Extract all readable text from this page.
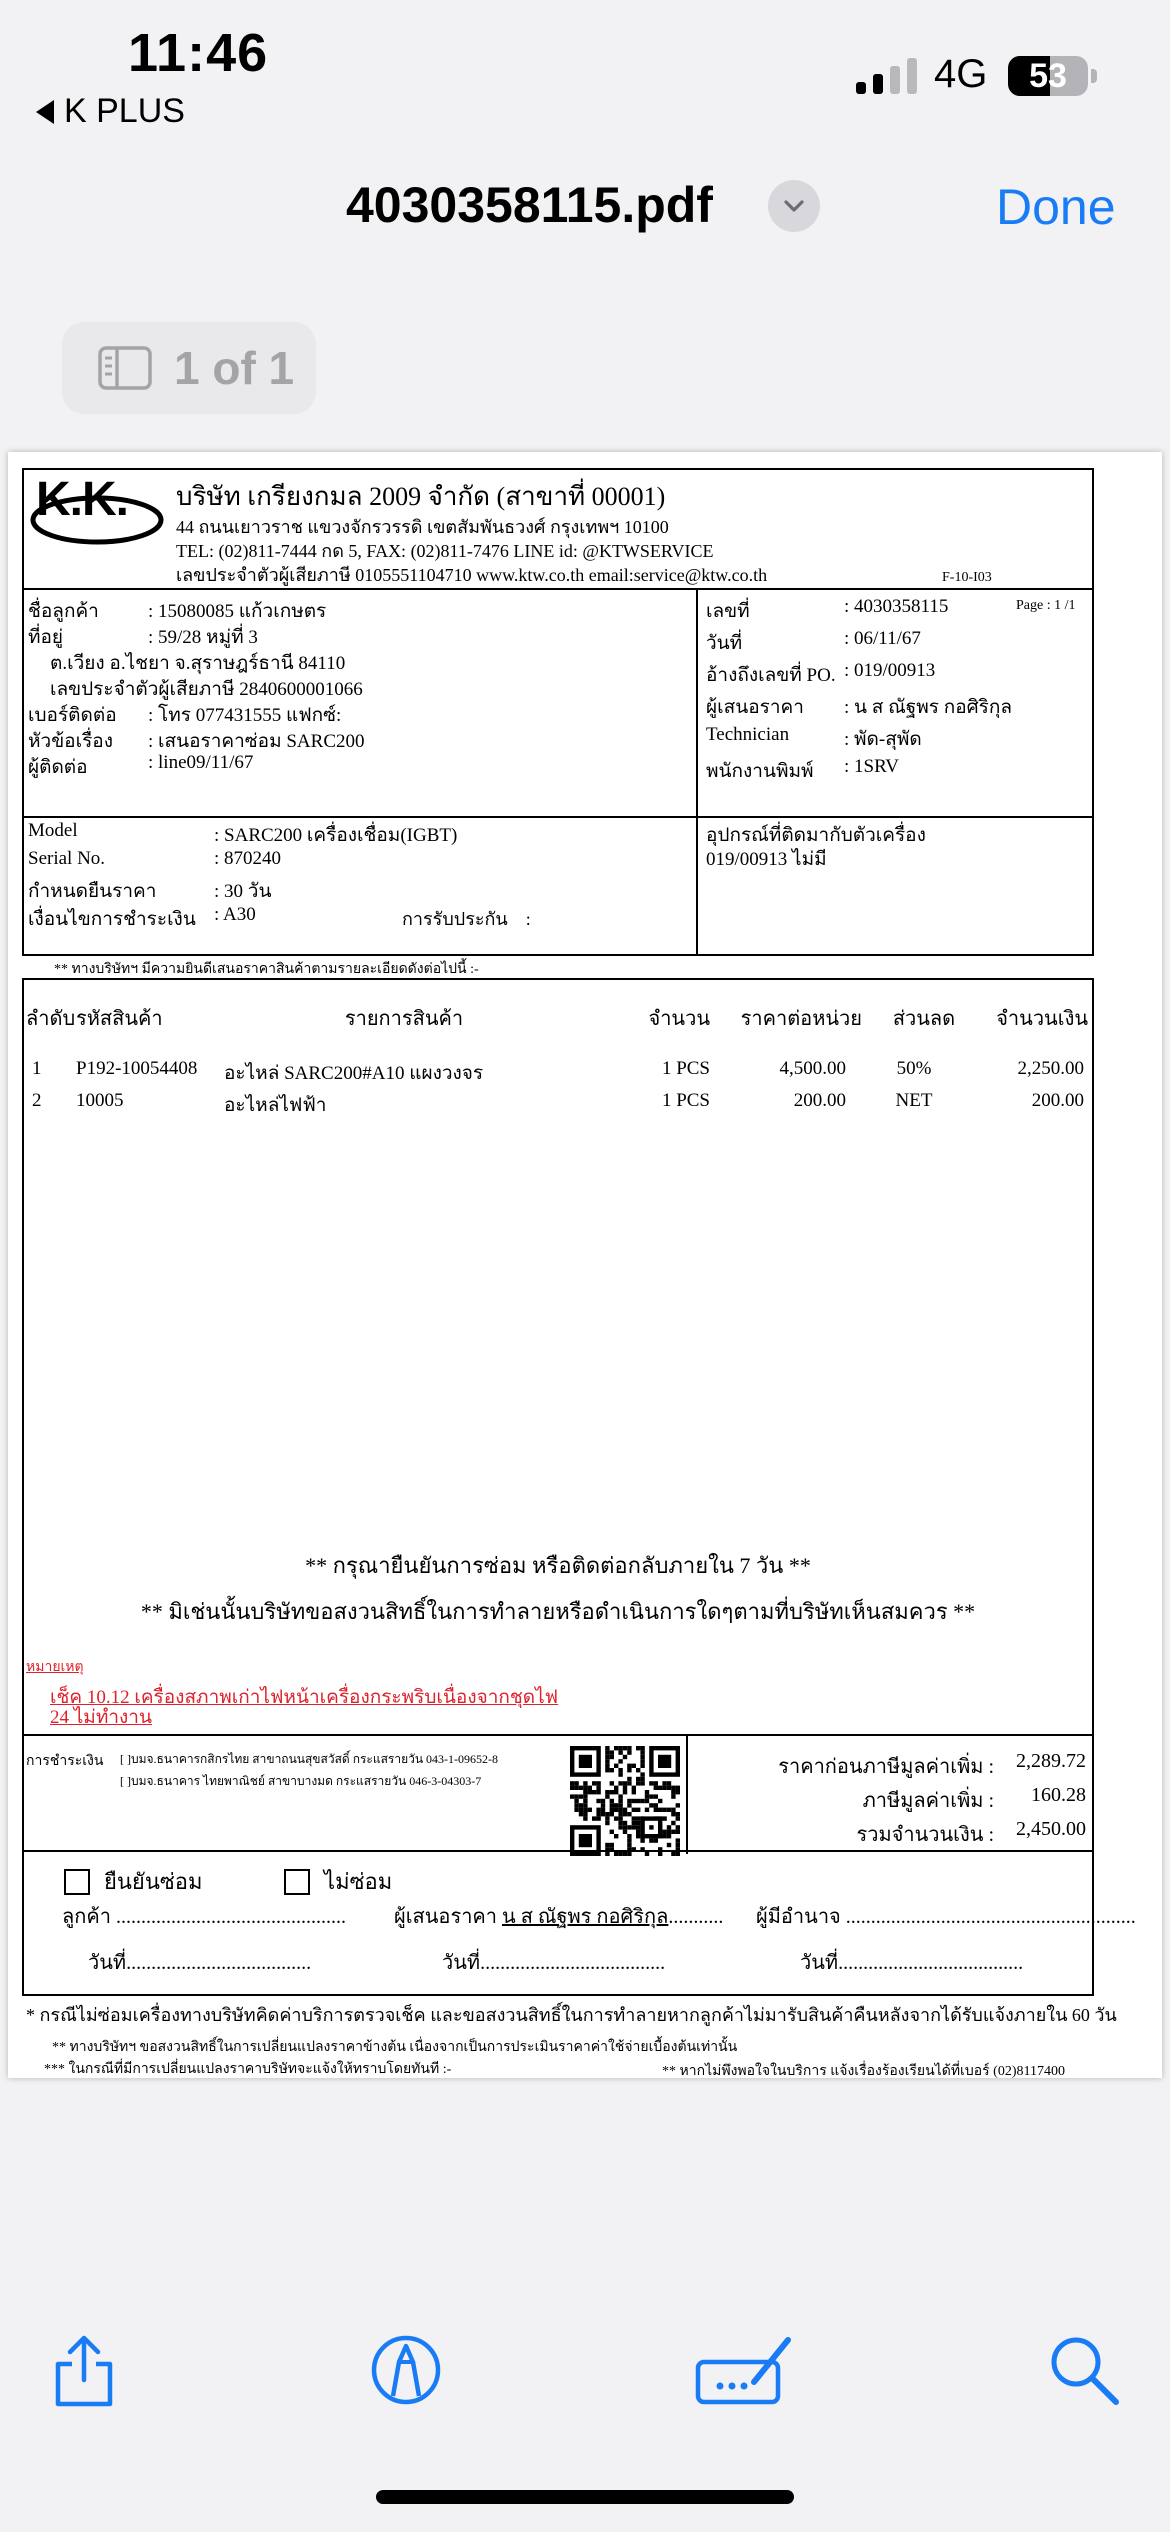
11:46
K PLUS
4G	53
4030358115.pdf	Done
1 of 1
K.K. บริษัท เกรียงกมล 2009 จำกัด (สาขาที่ 00001)
44 ถนนเยาวราช แขวงจักรวรรดิ เขตสัมพันธวงศ์ กรุงเทพฯ 10100
TEL: (02)811-7444 กด 5, FAX: (02)811-7476 LINE id: @KTWSERVICE
เลขประจำตัวผู้เสียภาษี 0105551104710 www.ktw.co.th email:service@ktw.co.th	F-10-I03
ชื่อลูกค้า	: 15080085 แก้วเกษตร
ที่อยู่	: 59/28 หมู่ที่ 3
ต.เวียง อ.ไชยา จ.สุราษฎร์ธานี 84110
เลขประจำตัวผู้เสียภาษี 2840600001066
เบอร์ติดต่อ : โทร 077431555 แฟกซ์:
หัวข้อเรื่อง : เสนอราคาซ่อม SARC200
ผู้ติดต่อ	: line09/11/67
Page : 1 /1
เลขที่	: 4030358115
วันที่	: 06/11/67
อ้างถึงเลขที่ PO. : 019/00913
ผู้เสนอราคา : น ส ณัฐพร กอศิริกุล
Technician	: พัด-สุพัด
พนักงานพิมพ์ : 1SRV
Model	: SARC200 เครื่องเชื่อม(IGBT)
Serial No.	: 870240
กำหนดยืนราคา	: 30 วัน
เงื่อนไขการชำระเงิน : A30	การรับประกัน :
อุปกรณ์ที่ติดมากับตัวเครื่อง
019/00913 ไม่มี
** ทางบริษัทฯ มีความยินดีเสนอราคาสินค้าตามรายละเอียดดังต่อไปนี้ :-
ลำดับ รหัสสินค้า	รายการสินค้า	จำนวน	ราคาต่อหน่วย	ส่วนลด	จำนวนเงิน
1	P192-10054408	อะไหล่ SARC200#A10 แผงวงจร	1 PCS	4,500.00	50%	2,250.00
2	10005	อะไหล่ไฟฟ้า	1 PCS	200.00	NET	200.00
** กรุณายืนยันการซ่อม หรือติดต่อกลับภายใน 7 วัน **
** มิเช่นนั้นบริษัทขอสงวนสิทธิ์ในการทำลายหรือดำเนินการใดๆตามที่บริษัทเห็นสมควร **
หมายเหตุ
เช็ค 10.12 เครื่องสภาพเก่าไฟหน้าเครื่องกระพริบเนื่องจากชุดไฟ
24 ไม่ทำงาน
การชำระเงิน [ ]บมจ.ธนาคารกสิกรไทย สาขาถนนสุขสวัสดิ์ กระแสรายวัน 043-1-09652-8
[ ]บมจ.ธนาคาร ไทยพาณิชย์ สาขาบางมด กระแสรายวัน 046-3-04303-7
ราคาก่อนภาษีมูลค่าเพิ่ม :	2,289.72
ภาษีมูลค่าเพิ่ม :	160.28
รวมจำนวนเงิน :	2,450.00
ยืนยันซ่อม	ไม่ซ่อม
ลูกค้า .............................................. ผู้เสนอราคา น ส ณัฐพร กอศิริกุล........... ผู้มีอำนาจ ..........................................................
วันที่.....................................	วันที่.....................................	วันที่.....................................
* กรณีไม่ซ่อมเครื่องทางบริษัทคิดค่าบริการตรวจเช็ค และขอสงวนสิทธิ์ในการทำลายหากลูกค้าไม่มารับสินค้าคืนหลังจากได้รับแจ้งภายใน 60 วัน
** ทางบริษัทฯ ขอสงวนสิทธิ์ในการเปลี่ยนแปลงราคาข้างต้น เนื่องจากเป็นการประเมินราคาค่าใช้จ่ายเบื้องต้นเท่านั้น
*** ในกรณีที่มีการเปลี่ยนแปลงราคาบริษัทจะแจ้งให้ทราบโดยทันที :-	** หากไม่พึงพอใจในบริการ แจ้งเรื่องร้องเรียนได้ที่เบอร์ (02)8117400
